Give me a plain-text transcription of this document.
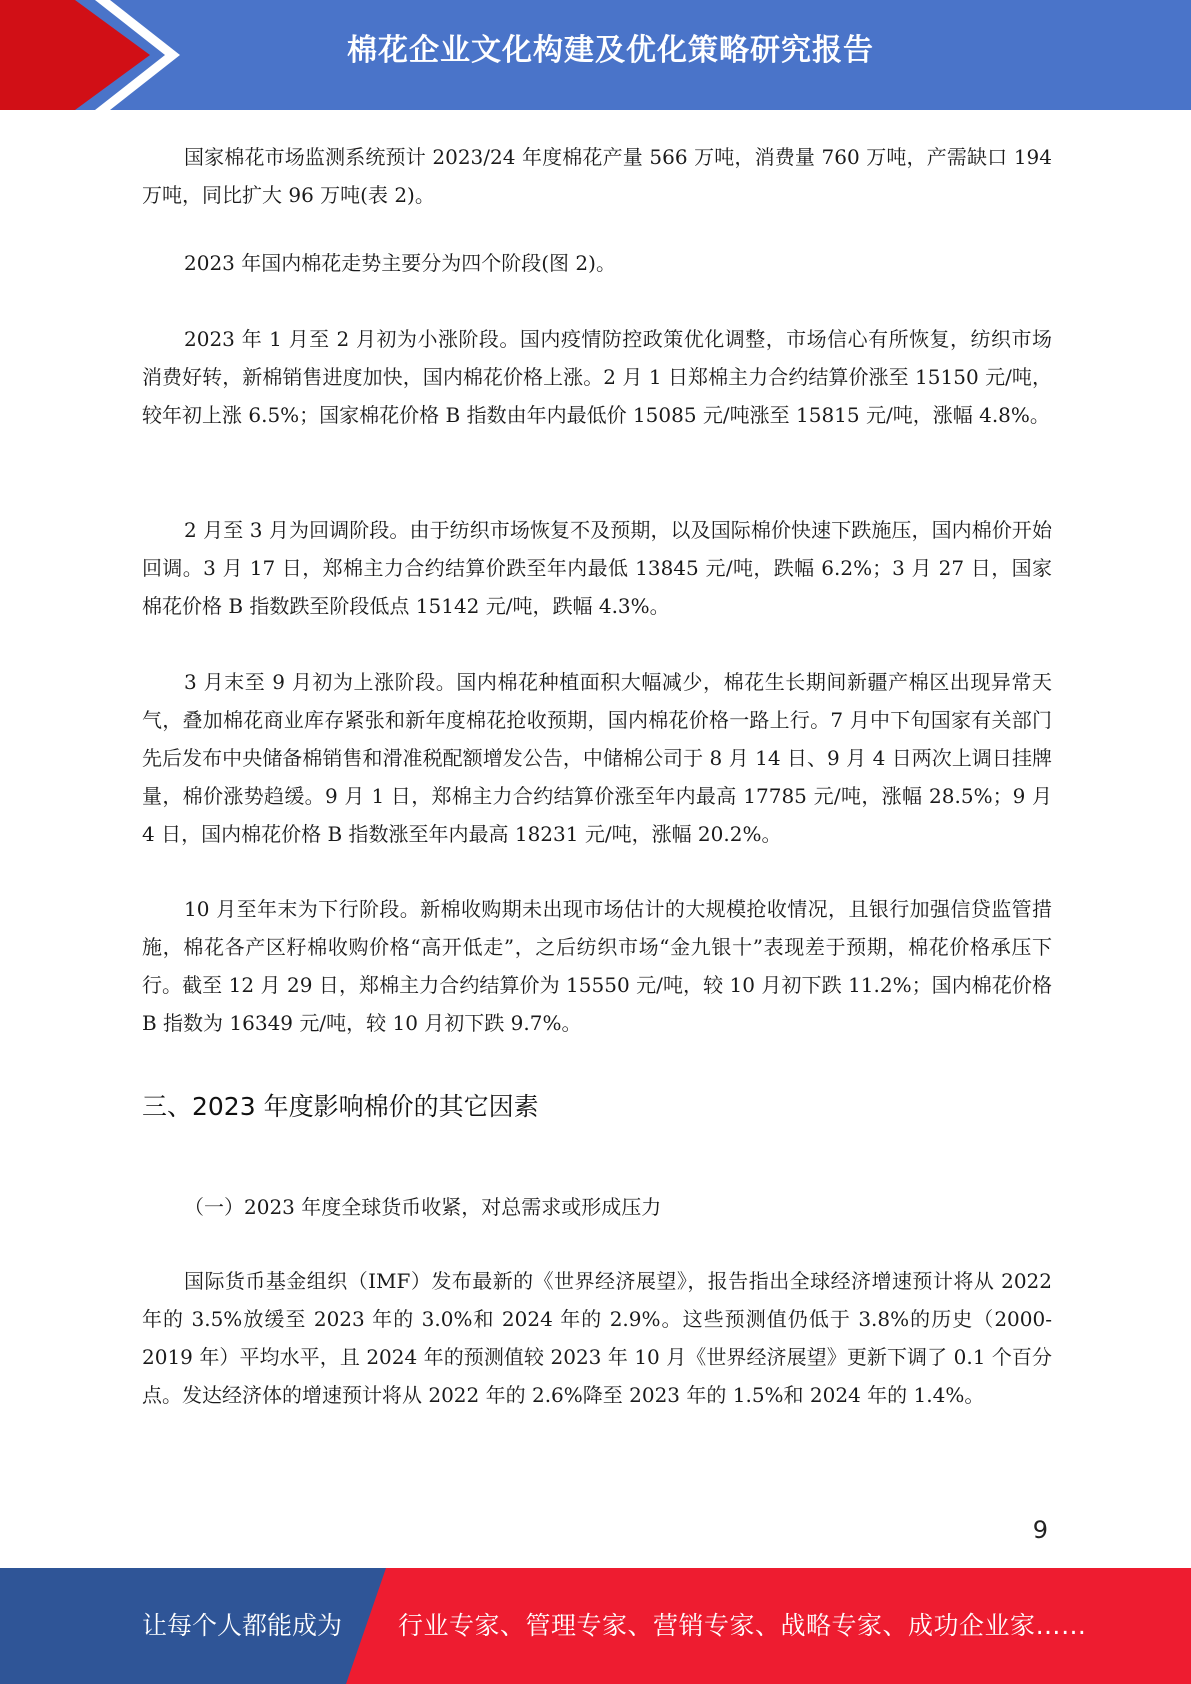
棉花企业文化构建及优化策略研究报告

国家棉花市场监测系统预计 2023/24 年度棉花产量 566 万吨，消费量 760 万吨，产需缺口 194 万吨，同比扩大 96 万吨(表 2)。

2023 年国内棉花走势主要分为四个阶段(图 2)。

2023 年 1 月至 2 月初为小涨阶段。国内疫情防控政策优化调整，市场信心有所恢复，纺织市场消费好转，新棉销售进度加快，国内棉花价格上涨。2 月 1 日郑棉主力合约结算价涨至 15150 元/吨，较年初上涨 6.5%；国家棉花价格 B 指数由年内最低价 15085 元/吨涨至 15815 元/吨，涨幅 4.8%。

2 月至 3 月为回调阶段。由于纺织市场恢复不及预期，以及国际棉价快速下跌施压，国内棉价开始回调。3 月 17 日，郑棉主力合约结算价跌至年内最低 13845 元/吨，跌幅 6.2%；3 月 27 日，国家棉花价格 B 指数跌至阶段低点 15142 元/吨，跌幅 4.3%。

3 月末至 9 月初为上涨阶段。国内棉花种植面积大幅减少，棉花生长期间新疆产棉区出现异常天气，叠加棉花商业库存紧张和新年度棉花抢收预期，国内棉花价格一路上行。7 月中下旬国家有关部门先后发布中央储备棉销售和滑准税配额增发公告，中储棉公司于 8 月 14 日、9 月 4 日两次上调日挂牌量，棉价涨势趋缓。9 月 1 日，郑棉主力合约结算价涨至年内最高 17785 元/吨，涨幅 28.5%；9 月 4 日，国内棉花价格 B 指数涨至年内最高 18231 元/吨，涨幅 20.2%。

10 月至年末为下行阶段。新棉收购期未出现市场估计的大规模抢收情况，且银行加强信贷监管措施，棉花各产区籽棉收购价格“高开低走”，之后纺织市场“金九银十”表现差于预期，棉花价格承压下行。截至 12 月 29 日，郑棉主力合约结算价为 15550 元/吨，较 10 月初下跌 11.2%；国内棉花价格 B 指数为 16349 元/吨，较 10 月初下跌 9.7%。

三、2023 年度影响棉价的其它因素

（一）2023 年度全球货币收紧，对总需求或形成压力

国际货币基金组织（IMF）发布最新的《世界经济展望》，报告指出全球经济增速预计将从 2022 年的 3.5%放缓至 2023 年的 3.0%和 2024 年的 2.9%。这些预测值仍低于 3.8%的历史（2000-2019 年）平均水平，且 2024 年的预测值较 2023 年 10 月《世界经济展望》更新下调了 0.1 个百分点。发达经济体的增速预计将从 2022 年的 2.6%降至 2023 年的 1.5%和 2024 年的 1.4%。

9
让每个人都能成为 行业专家、管理专家、营销专家、战略专家、成功企业家……
